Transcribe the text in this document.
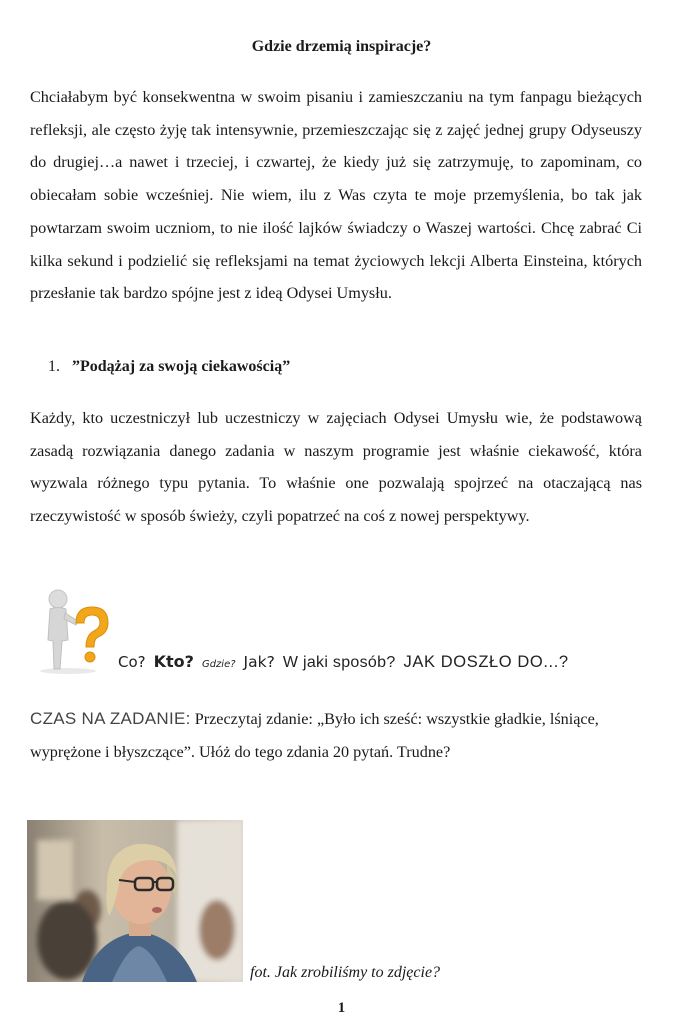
Gdzie drzemią inspiracje?

Chciałabym być konsekwentna w swoim pisaniu i zamieszczaniu na tym fanpagu bieżących refleksji, ale często żyję tak intensywnie, przemieszczając się z zajęć jednej grupy Odyseuszy do drugiej…a nawet i trzeciej, i czwartej, że kiedy już się zatrzymuję, to zapominam, co obiecałam sobie wcześniej. Nie wiem, ilu z Was czyta te moje przemyślenia, bo tak jak powtarzam swoim uczniom, to nie ilość lajków świadczy o Waszej wartości. Chcę zabrać Ci kilka sekund i podzielić się refleksjami na temat życiowych lekcji Alberta Einsteina, których przesłanie tak bardzo spójne jest z ideą Odysei Umysłu.

1. ”Podążaj za swoją ciekawością”

Każdy, kto uczestniczył lub uczestniczy w zajęciach Odysei Umysłu wie, że podstawową zasadą rozwiązania danego zadania w naszym programie jest właśnie ciekawość, która wyzwala różnego typu pytania. To właśnie one pozwalają spojrzeć na otaczającą nas rzeczywistość w sposób świeży, czyli popatrzeć na coś z nowej perspektywy.

Co? Kto? Gdzie? Jak? W jaki sposób? JAK DOSZŁO DO...?

CZAS NA ZADANIE: Przeczytaj zdanie: „Było ich sześć: wszystkie gładkie, lśniące, wyprężone i błyszczące”. Ułóż do tego zdania 20 pytań. Trudne?

fot. Jak zrobiliśmy to zdjęcie?
1
